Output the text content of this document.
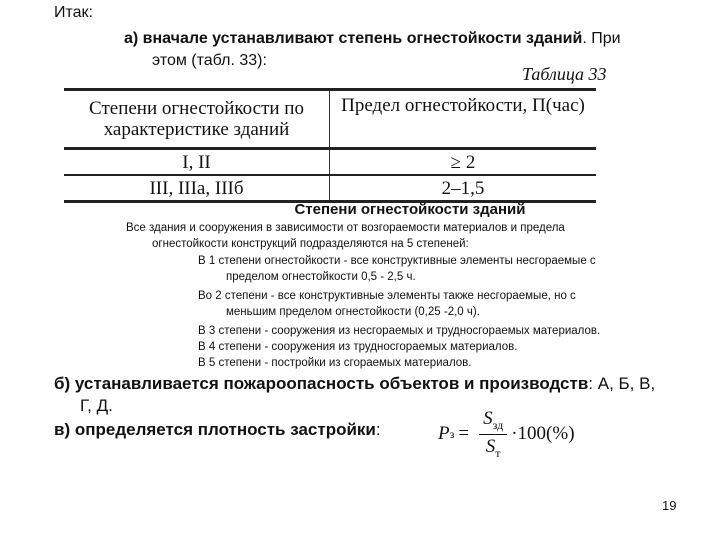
Итак:
а) вначале устанавливают степень огнестойкости зданий. При
этом (табл. 33):
Таблица 33
Степени огнестойкости по
характеристике зданий	Предел огнестойкости, П(час)
I, II	≥ 2
III, IIIa, IIIб	2–1,5
Степени огнестойкости зданий
Все здания и сооружения в зависимости от возгораемости материалов и предела
огнестойкости конструкций подразделяются на 5 степеней:
В 1 степени огнестойкости - все конструктивные элементы несгораемые с
пределом огнестойкости 0,5 - 2,5 ч.
Во 2 степени - все конструктивные элементы также несгораемые, но с
меньшим пределом огнестойкости (0,25 -2,0 ч).
В 3 степени - сооружения из несгораемых и трудносгораемых материалов.
В 4 степени - сооружения из трудносгораемых материалов.
В 5 степени - постройки из сгораемых материалов.
б) устанавливается пожароопасность объектов и производств: А, Б, В,
Г, Д.
в) определяется плотность застройки:	P $з = \frac{S_{зд}}{S_т} \cdot 100(\%)$
19
